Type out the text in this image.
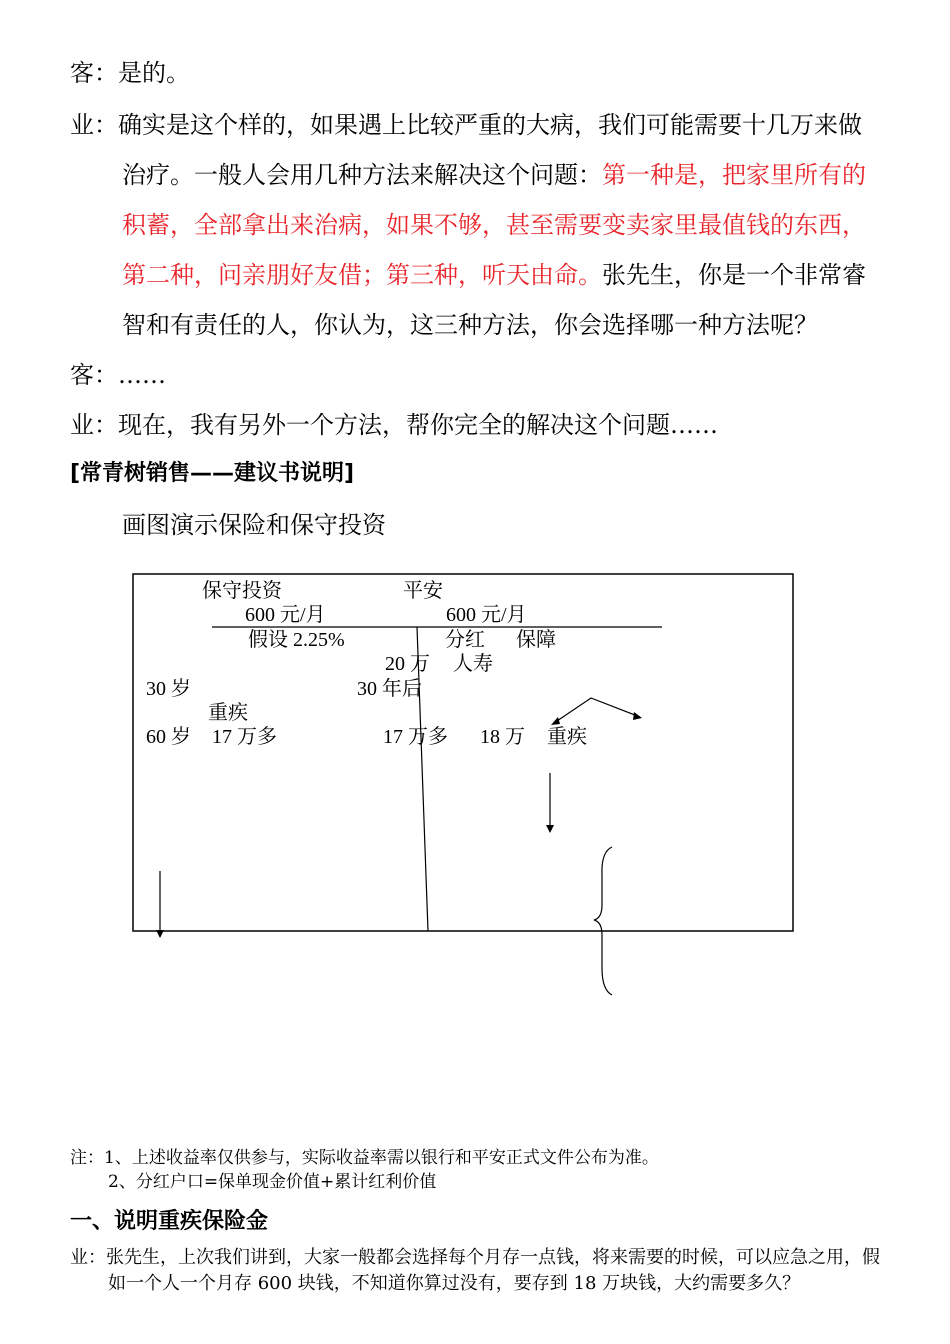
客：是的。
业：确实是这个样的，如果遇上比较严重的大病，我们可能需要十几万来做
治疗。一般人会用几种方法来解决这个问题：第一种是，把家里所有的
积蓄，全部拿出来治病，如果不够，甚至需要变卖家里最值钱的东西，
第二种，问亲朋好友借；第三种，听天由命。张先生，你是一个非常睿
智和有责任的人，你认为，这三种方法，你会选择哪一种方法呢？
客：……
业：现在，我有另外一个方法，帮你完全的解决这个问题……
[常青树销售——建议书说明]
画图演示保险和保守投资
保守投资	平安
600 元/月	600 元/月
假设 2.25%	分红 保障
20 万 人寿
30 岁	30 年后
重疾
60 岁 17 万多	17 万多 18 万 重疾
注：1、上述收益率仅供参与，实际收益率需以银行和平安正式文件公布为准。
2、分红户口=保单现金价值+累计红利价值
一、说明重疾保险金
业：张先生，上次我们讲到，大家一般都会选择每个月存一点钱，将来需要的时候，可以应急之用，假
如一个人一个月存 600 块钱，不知道你算过没有，要存到 18 万块钱，大约需要多久？
